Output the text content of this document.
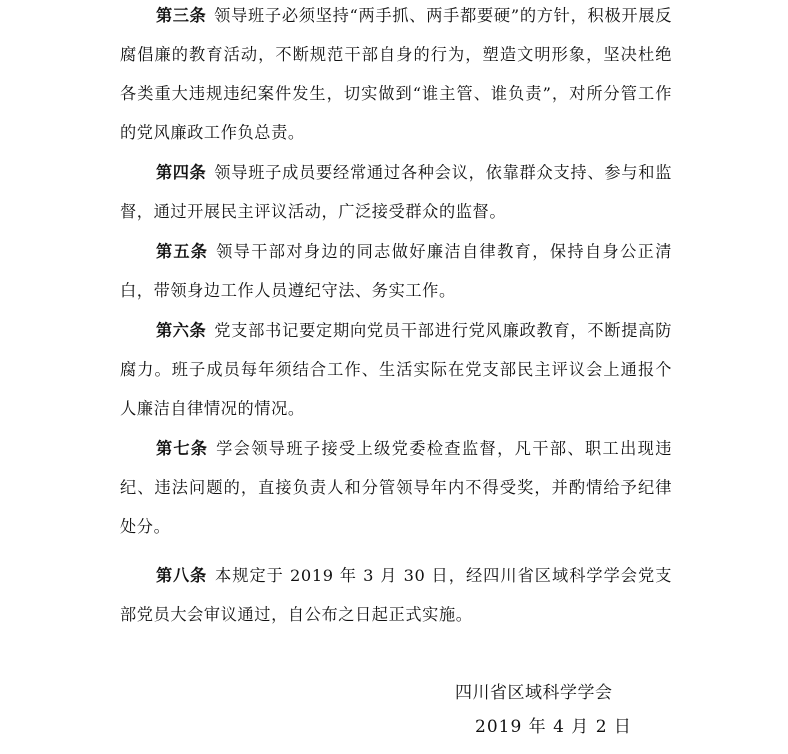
第三条 领导班子必须坚持“两手抓、两手都要硬”的方针，积极开展反腐倡廉的教育活动，不断规范干部自身的行为，塑造文明形象，坚决杜绝各类重大违规违纪案件发生，切实做到“谁主管、谁负责”，对所分管工作的党风廉政工作负总责。

第四条 领导班子成员要经常通过各种会议，依靠群众支持、参与和监督，通过开展民主评议活动，广泛接受群众的监督。

第五条 领导干部对身边的同志做好廉洁自律教育，保持自身公正清白，带领身边工作人员遵纪守法、务实工作。

第六条 党支部书记要定期向党员干部进行党风廉政教育，不断提高防腐力。班子成员每年须结合工作、生活实际在党支部民主评议会上通报个人廉洁自律情况的情况。

第七条 学会领导班子接受上级党委检查监督，凡干部、职工出现违纪、违法问题的，直接负责人和分管领导年内不得受奖，并酌情给予纪律处分。

第八条 本规定于 2019 年 3 月 30 日，经四川省区域科学学会党支部党员大会审议通过，自公布之日起正式实施。

四川省区域科学学会
2019 年 4 月 2 日
